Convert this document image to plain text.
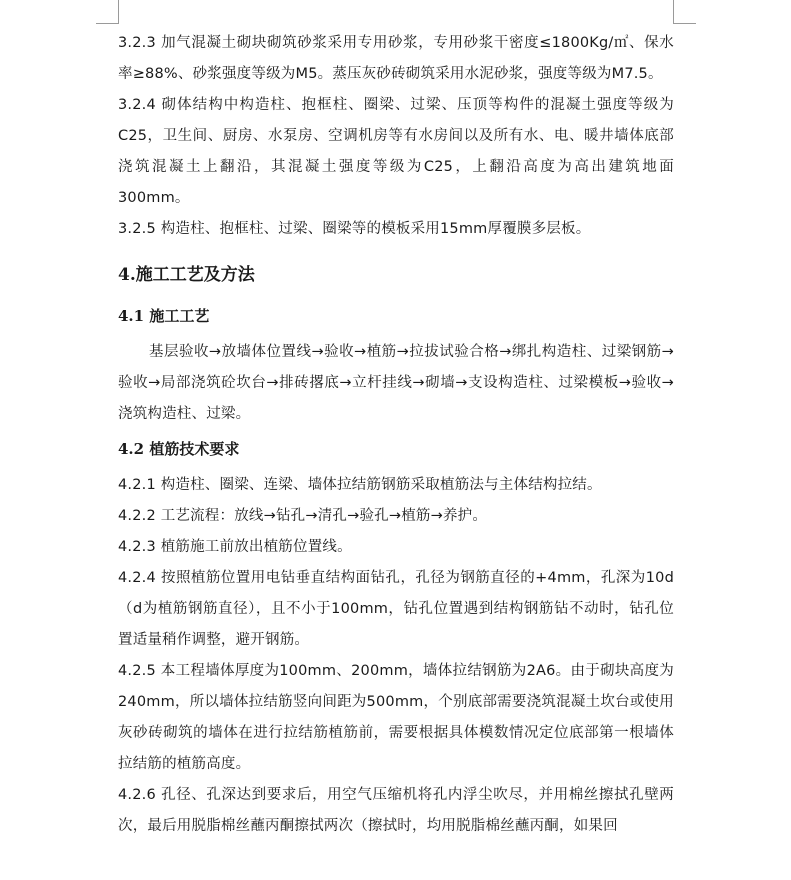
3.2.3 加气混凝土砌块砌筑砂浆采用专用砂浆，专用砂浆干密度≤1800Kg/㎡、保水率≥88%、砂浆强度等级为M5。蒸压灰砂砖砌筑采用水泥砂浆，强度等级为M7.5。

3.2.4 砌体结构中构造柱、抱框柱、圈梁、过梁、压顶等构件的混凝土强度等级为C25，卫生间、厨房、水泵房、空调机房等有水房间以及所有水、电、暖井墙体底部浇筑混凝土上翻沿，其混凝土强度等级为C25，上翻沿高度为高出建筑地面300mm。

3.2.5 构造柱、抱框柱、过梁、圈梁等的模板采用15mm厚覆膜多层板。

4.施工工艺及方法
4.1 施工工艺

基层验收→放墙体位置线→验收→植筋→拉拔试验合格→绑扎构造柱、过梁钢筋→验收→局部浇筑砼坎台→排砖撂底→立杆挂线→砌墙→支设构造柱、过梁模板→验收→浇筑构造柱、过梁。

4.2 植筋技术要求

4.2.1 构造柱、圈梁、连梁、墙体拉结筋钢筋采取植筋法与主体结构拉结。

4.2.2 工艺流程：放线→钻孔→清孔→验孔→植筋→养护。

4.2.3 植筋施工前放出植筋位置线。

4.2.4 按照植筋位置用电钻垂直结构面钻孔，孔径为钢筋直径的+4mm，孔深为10d（d为植筋钢筋直径），且不小于100mm，钻孔位置遇到结构钢筋钻不动时，钻孔位置适量稍作调整，避开钢筋。

4.2.5 本工程墙体厚度为100mm、200mm，墙体拉结钢筋为2A6。由于砌块高度为240mm，所以墙体拉结筋竖向间距为500mm，个别底部需要浇筑混凝土坎台或使用灰砂砖砌筑的墙体在进行拉结筋植筋前，需要根据具体模数情况定位底部第一根墙体拉结筋的植筋高度。

4.2.6 孔径、孔深达到要求后，用空气压缩机将孔内浮尘吹尽，并用棉丝擦拭孔壁两次，最后用脱脂棉丝蘸丙酮擦拭两次（擦拭时，均用脱脂棉丝蘸丙酮，如果回
